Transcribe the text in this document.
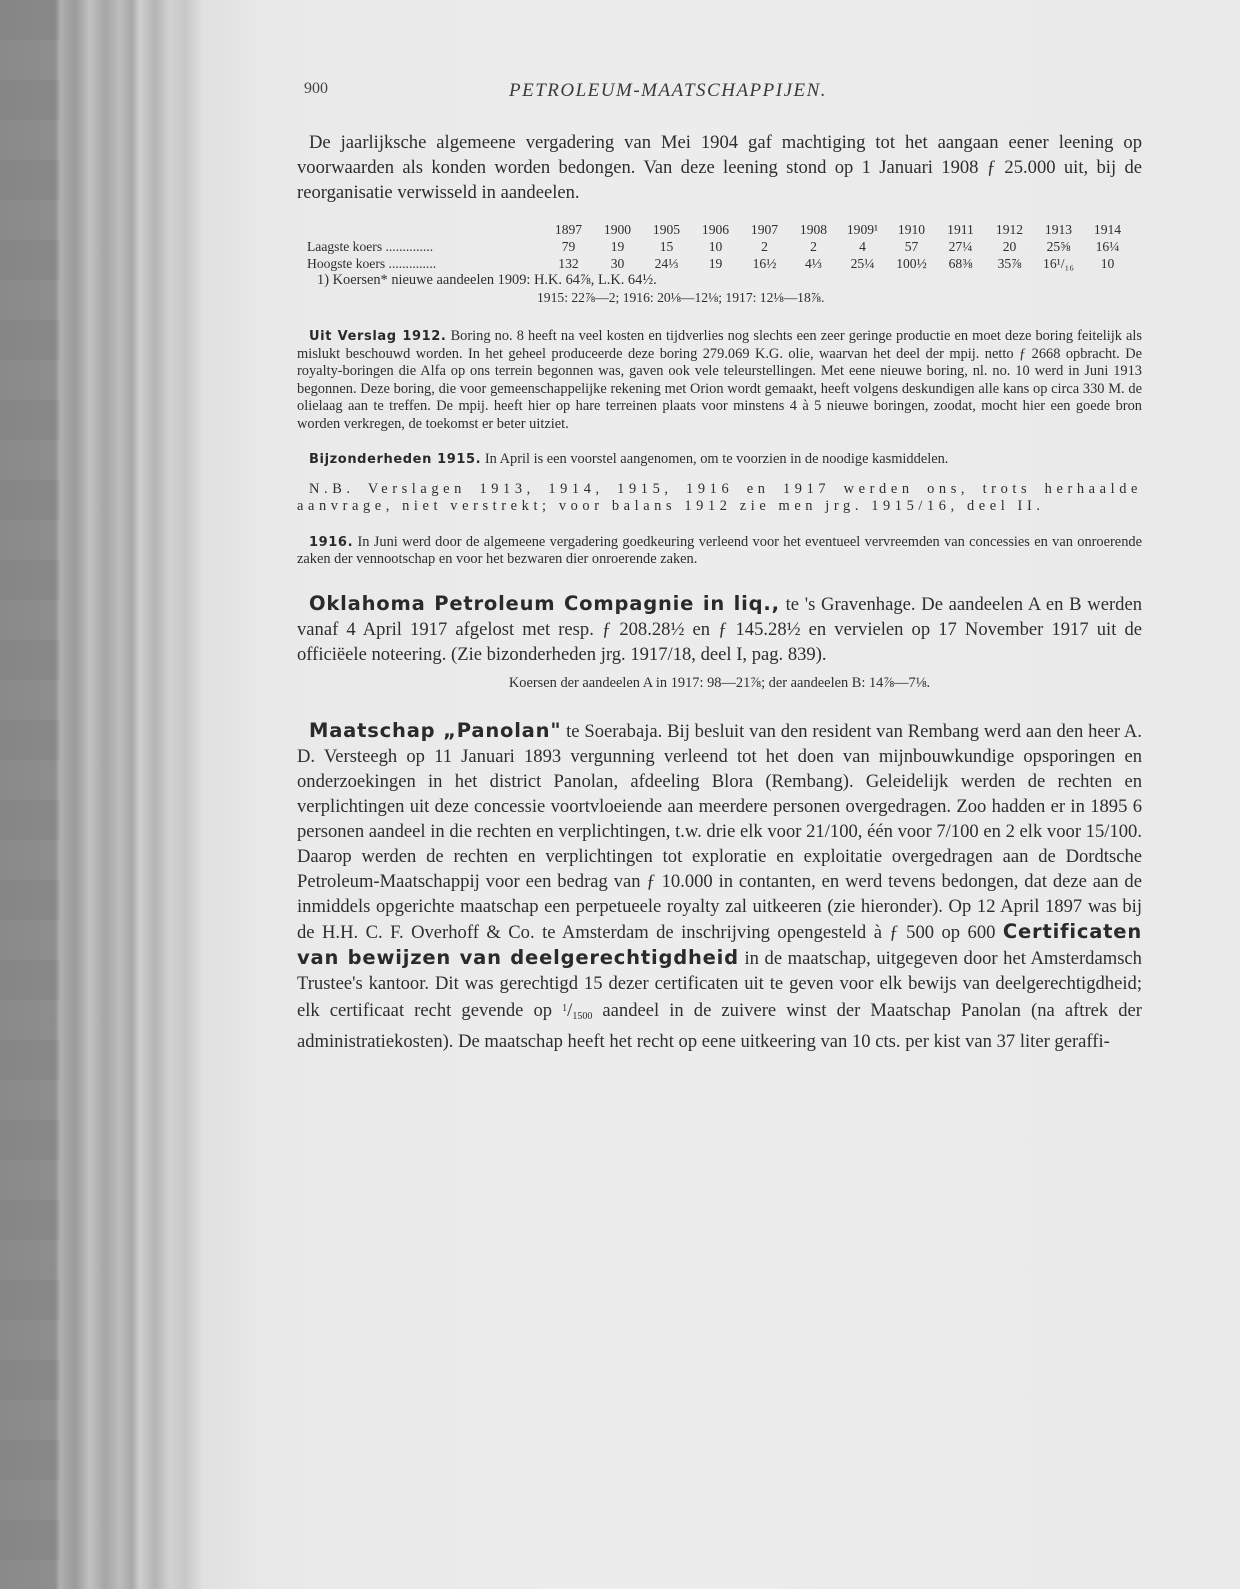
900	PETROLEUM-MAATSCHAPPIJEN.

De jaarlijksche algemeene vergadering van Mei 1904 gaf machtiging tot het aangaan eener leening op voorwaarden als konden worden bedongen. Van deze leening stond op 1 Januari 1908 ƒ 25.000 uit, bij de reorganisatie verwisseld in aandeelen.

	1897	1900	1905	1906	1907	1908	1909¹	1910	1911	1912	1913	1914
Laagste koers ..............	79	19	15	10	2	2	4	57	27¼	20	25⅝	16¼
Hoogste koers ..............	132	30	24⅓	19	16½	4⅓	25¼	100½	68⅜	35⅞	16¹/₁₆	10
1) Koersen* nieuwe aandeelen 1909: H.K. 64⅞, L.K. 64½.
1915: 22⅞—2; 1916: 20⅛—12⅛; 1917: 12⅛—18⅞.

Uit Verslag 1912. Boring no. 8 heeft na veel kosten en tijdverlies nog slechts een zeer geringe productie en moet deze boring feitelijk als mislukt beschouwd worden. In het geheel produceerde deze boring 279.069 K.G. olie, waarvan het deel der mpij. netto ƒ 2668 opbracht. De royalty-boringen die Alfa op ons terrein begonnen was, gaven ook vele teleurstellingen. Met eene nieuwe boring, nl. no. 10 werd in Juni 1913 begonnen. Deze boring, die voor gemeenschappelijke rekening met Orion wordt gemaakt, heeft volgens deskundigen alle kans op circa 330 M. de olielaag aan te treffen. De mpij. heeft hier op hare terreinen plaats voor minstens 4 à 5 nieuwe boringen, zoodat, mocht hier een goede bron worden verkregen, de toekomst er beter uitziet.

Bijzonderheden 1915. In April is een voorstel aangenomen, om te voorzien in de noodige kasmiddelen.

N.B. Verslagen 1913, 1914, 1915, 1916 en 1917 werden ons, trots herhaalde aanvrage, niet verstrekt; voor balans 1912 zie men jrg. 1915/16, deel II.

1916. In Juni werd door de algemeene vergadering goedkeuring verleend voor het eventueel vervreemden van concessies en van onroerende zaken der vennootschap en voor het bezwaren dier onroerende zaken.

Oklahoma Petroleum Compagnie in liq., te 's Gravenhage. De aandeelen A en B werden vanaf 4 April 1917 afgelost met resp. ƒ 208.28½ en ƒ 145.28½ en vervielen op 17 November 1917 uit de officiëele noteering. (Zie bizonderheden jrg. 1917/18, deel I, pag. 839).

Koersen der aandeelen A in 1917: 98—21⅞; der aandeelen B: 14⅞—7⅛.

Maatschap „Panolan" te Soerabaja. Bij besluit van den resident van Rembang werd aan den heer A. D. Versteegh op 11 Januari 1893 vergunning verleend tot het doen van mijnbouwkundige opsporingen en onderzoekingen in het district Panolan, afdeeling Blora (Rembang). Geleidelijk werden de rechten en verplichtingen uit deze concessie voortvloeiende aan meerdere personen overgedragen. Zoo hadden er in 1895 6 personen aandeel in die rechten en verplichtingen, t.w. drie elk voor 21/100, één voor 7/100 en 2 elk voor 15/100. Daarop werden de rechten en verplichtingen tot exploratie en exploitatie overgedragen aan de Dordtsche Petroleum-Maatschappij voor een bedrag van ƒ 10.000 in contanten, en werd tevens bedongen, dat deze aan de inmiddels opgerichte maatschap een perpetueele royalty zal uitkeeren (zie hieronder). Op 12 April 1897 was bij de H.H. C. F. Overhoff & Co. te Amsterdam de inschrijving opengesteld à ƒ 500 op 600 Certificaten van bewijzen van deelgerechtigdheid in de maatschap, uitgegeven door het Amsterdamsch Trustee's kantoor. Dit was gerechtigd 15 dezer certificaten uit te geven voor elk bewijs van deelgerechtigdheid; elk certificaat recht gevende op $^1$/1500 aandeel in de zuivere winst der Maatschap Panolan (na aftrek der administratiekosten). De maatschap heeft het recht op eene uitkeering van 10 cts. per kist van 37 liter geraffi-
